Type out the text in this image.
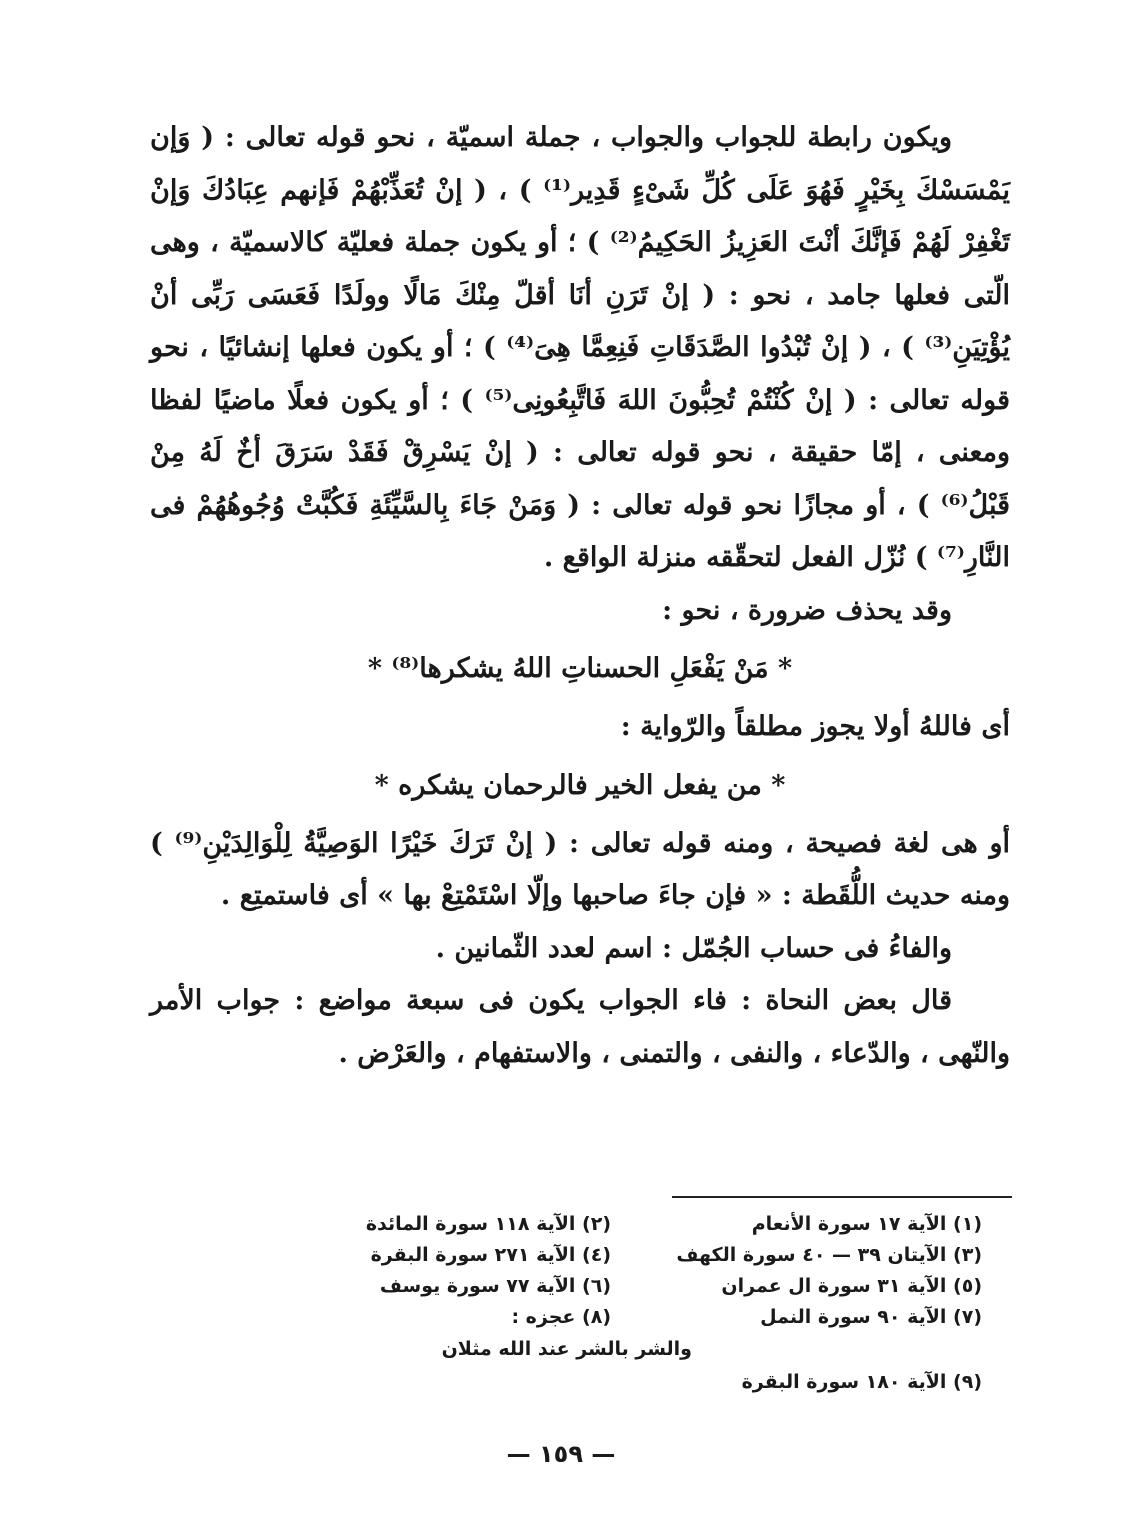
ويكون رابطة للجواب والجواب ، جملة اسميّة ، نحو قوله تعالى : ( وَإن يَمْسَسْكَ بِخَيْرٍ فَهُوَ عَلَى كُلِّ شَىْءٍ قَدِير⁽¹⁾ ) ، ( إنْ تُعَذِّبْهُمْ فَإنهم عِبَادُكَ وَإنْ تَغْفِرْ لَهُمْ فَإنَّكَ أنْتَ العَزِيزُ الحَكِيمُ⁽²⁾ ) ؛ أو يكون جملة فعليّة كالاسميّة ، وهى الّتى فعلها جامد ، نحو : ( إنْ تَرَنِ أنَا أقلّ مِنْكَ مَالًا وولَدًا فَعَسَى رَبِّى أنْ يُؤْتِيَنِ⁽³⁾ ) ، ( إنْ تُبْدُوا الصَّدَقَاتِ فَنِعِمَّا هِىَ⁽⁴⁾ ) ؛ أو يكون فعلها إنشائيًا ، نحو قوله تعالى : ( إنْ كُنْتُمْ تُحِبُّونَ اللهَ فَاتَّبِعُونِى⁽⁵⁾ ) ؛ أو يكون فعلًا ماضيًا لفظا ومعنى ، إمّا حقيقة ، نحو قوله تعالى : ( إنْ يَسْرِقْ فَقَدْ سَرَقَ أخٌ لَهُ مِنْ قَبْلُ⁽⁶⁾ ) ، أو مجازًا نحو قوله تعالى : ( وَمَنْ جَاءَ بِالسَّيِّئَةِ فَكُبَّتْ وُجُوهُهُمْ فى النَّارِ⁽⁷⁾ ) نُزّل الفعل لتحقّقه منزلة الواقع .

وقد يحذف ضرورة ، نحو :

* مَنْ يَفْعَلِ الحسناتِ اللهُ يشكرها⁽⁸⁾ *

أى فاللهُ أولا يجوز مطلقاً والرّواية :

* من يفعل الخير فالرحمان يشكره *

أو هى لغة فصيحة ، ومنه قوله تعالى : ( إنْ تَرَكَ خَيْرًا الوَصِيَّةُ لِلْوَالِدَيْنِ⁽⁹⁾ ) ومنه حديث اللُّقَطة : « فإن جاءَ صاحبها وإلّا اسْتَمْتِعْ بها » أى فاستمتِع .

والفاءُ فى حساب الجُمّل : اسم لعدد الثّمانين .

قال بعض النحاة : فاء الجواب يكون فى سبعة مواضع : جواب الأمر والنّهى ، والدّعاء ، والنفى ، والتمنى ، والاستفهام ، والعَرْض .

(١) الآية ١٧ سورة الأنعام
(٢) الآية ١١٨ سورة المائدة
(٣) الآيتان ٣٩ — ٤٠ سورة الكهف
(٤) الآية ٢٧١ سورة البقرة
(٥) الآية ٣١ سورة ال عمران
(٦) الآية ٧٧ سورة يوسف
(٧) الآية ٩٠ سورة النمل
(٨) عجزه :
والشر بالشر عند الله مثلان
(٩) الآية ١٨٠ سورة البقرة
— ١٥٩ —
